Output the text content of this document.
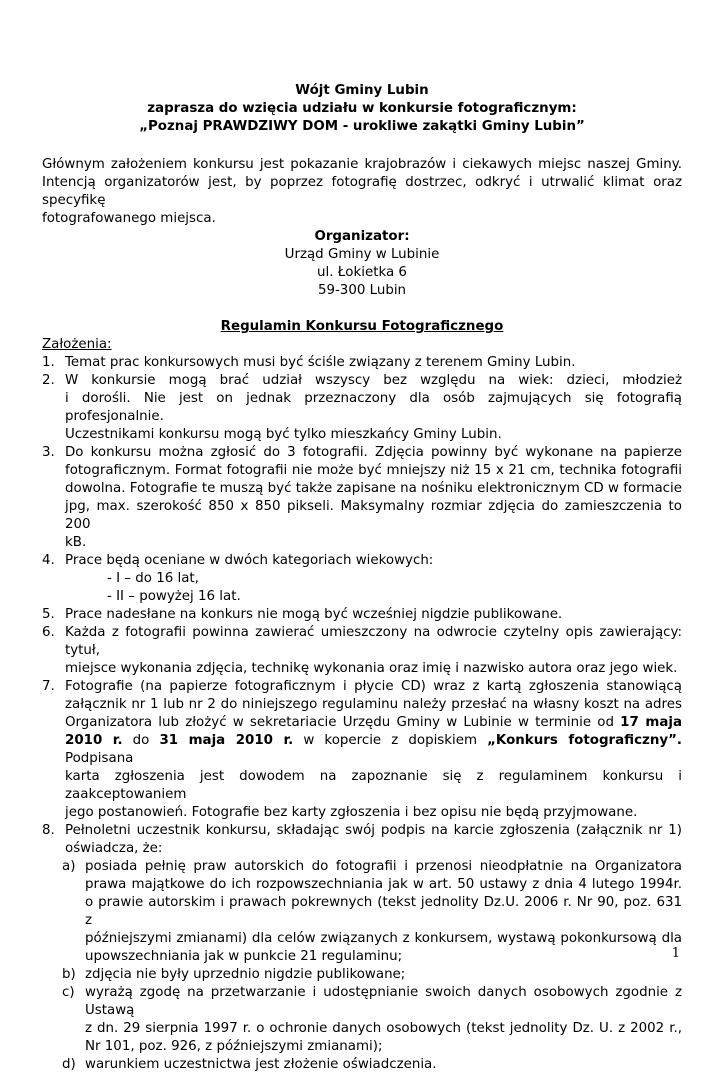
Wójt Gminy Lubin
zaprasza do wzięcia udziału w konkursie fotograficznym:
„Poznaj PRAWDZIWY DOM - urokliwe zakątki Gminy Lubin”
Głównym założeniem konkursu jest pokazanie krajobrazów i ciekawych miejsc naszej Gminy.
Intencją organizatorów jest, by poprzez fotografię dostrzec, odkryć i utrwalić klimat oraz specyfikę
fotografowanego miejsca.
Organizator:
Urząd Gminy w Lubinie
ul. Łokietka 6
59-300 Lubin
Regulamin Konkursu Fotograficznego
Założenia:
1. Temat prac konkursowych musi być ściśle związany z terenem Gminy Lubin.
2. W konkursie mogą brać udział wszyscy bez względu na wiek: dzieci, młodzież
i dorośli. Nie jest on jednak przeznaczony dla osób zajmujących się fotografią profesjonalnie.
Uczestnikami konkursu mogą być tylko mieszkańcy Gminy Lubin.
3. Do konkursu można zgłosić do 3 fotografii. Zdjęcia powinny być wykonane na papierze
fotograficznym. Format fotografii nie może być mniejszy niż 15 x 21 cm, technika fotografii
dowolna. Fotografie te muszą być także zapisane na nośniku elektronicznym CD w formacie
jpg, max. szerokość 850 x 850 pikseli. Maksymalny rozmiar zdjęcia do zamieszczenia to 200
kB.
4. Prace będą oceniane w dwóch kategoriach wiekowych:
- I – do 16 lat,
- II – powyżej 16 lat.
5. Prace nadesłane na konkurs nie mogą być wcześniej nigdzie publikowane.
6. Każda z fotografii powinna zawierać umieszczony na odwrocie czytelny opis zawierający: tytuł,
miejsce wykonania zdjęcia, technikę wykonania oraz imię i nazwisko autora oraz jego wiek.
7. Fotografie (na papierze fotograficznym i płycie CD) wraz z kartą zgłoszenia stanowiącą
załącznik nr 1 lub nr 2 do niniejszego regulaminu należy przesłać na własny koszt na adres
Organizatora lub złożyć w sekretariacie Urzędu Gminy w Lubinie w terminie od 17 maja
2010 r. do 31 maja 2010 r. w kopercie z dopiskiem „Konkurs fotograficzny”. Podpisana
karta zgłoszenia jest dowodem na zapoznanie się z regulaminem konkursu i zaakceptowaniem
jego postanowień. Fotografie bez karty zgłoszenia i bez opisu nie będą przyjmowane.
8. Pełnoletni uczestnik konkursu, składając swój podpis na karcie zgłoszenia (załącznik nr 1)
oświadcza, że:
a) posiada pełnię praw autorskich do fotografii i przenosi nieodpłatnie na Organizatora
prawa majątkowe do ich rozpowszechniania jak w art. 50 ustawy z dnia 4 lutego 1994r.
o prawie autorskim i prawach pokrewnych (tekst jednolity Dz.U. 2006 r. Nr 90, poz. 631 z
późniejszymi zmianami) dla celów związanych z konkursem, wystawą pokonkursową dla
upowszechniania jak w punkcie 21 regulaminu;
b) zdjęcia nie były uprzednio nigdzie publikowane;
c) wyrażą zgodę na przetwarzanie i udostępnianie swoich danych osobowych zgodnie z Ustawą
z dn. 29 sierpnia 1997 r. o ochronie danych osobowych (tekst jednolity Dz. U. z 2002 r.,
Nr 101, poz. 926, z późniejszymi zmianami);
d) warunkiem uczestnictwa jest złożenie oświadczenia.
1
